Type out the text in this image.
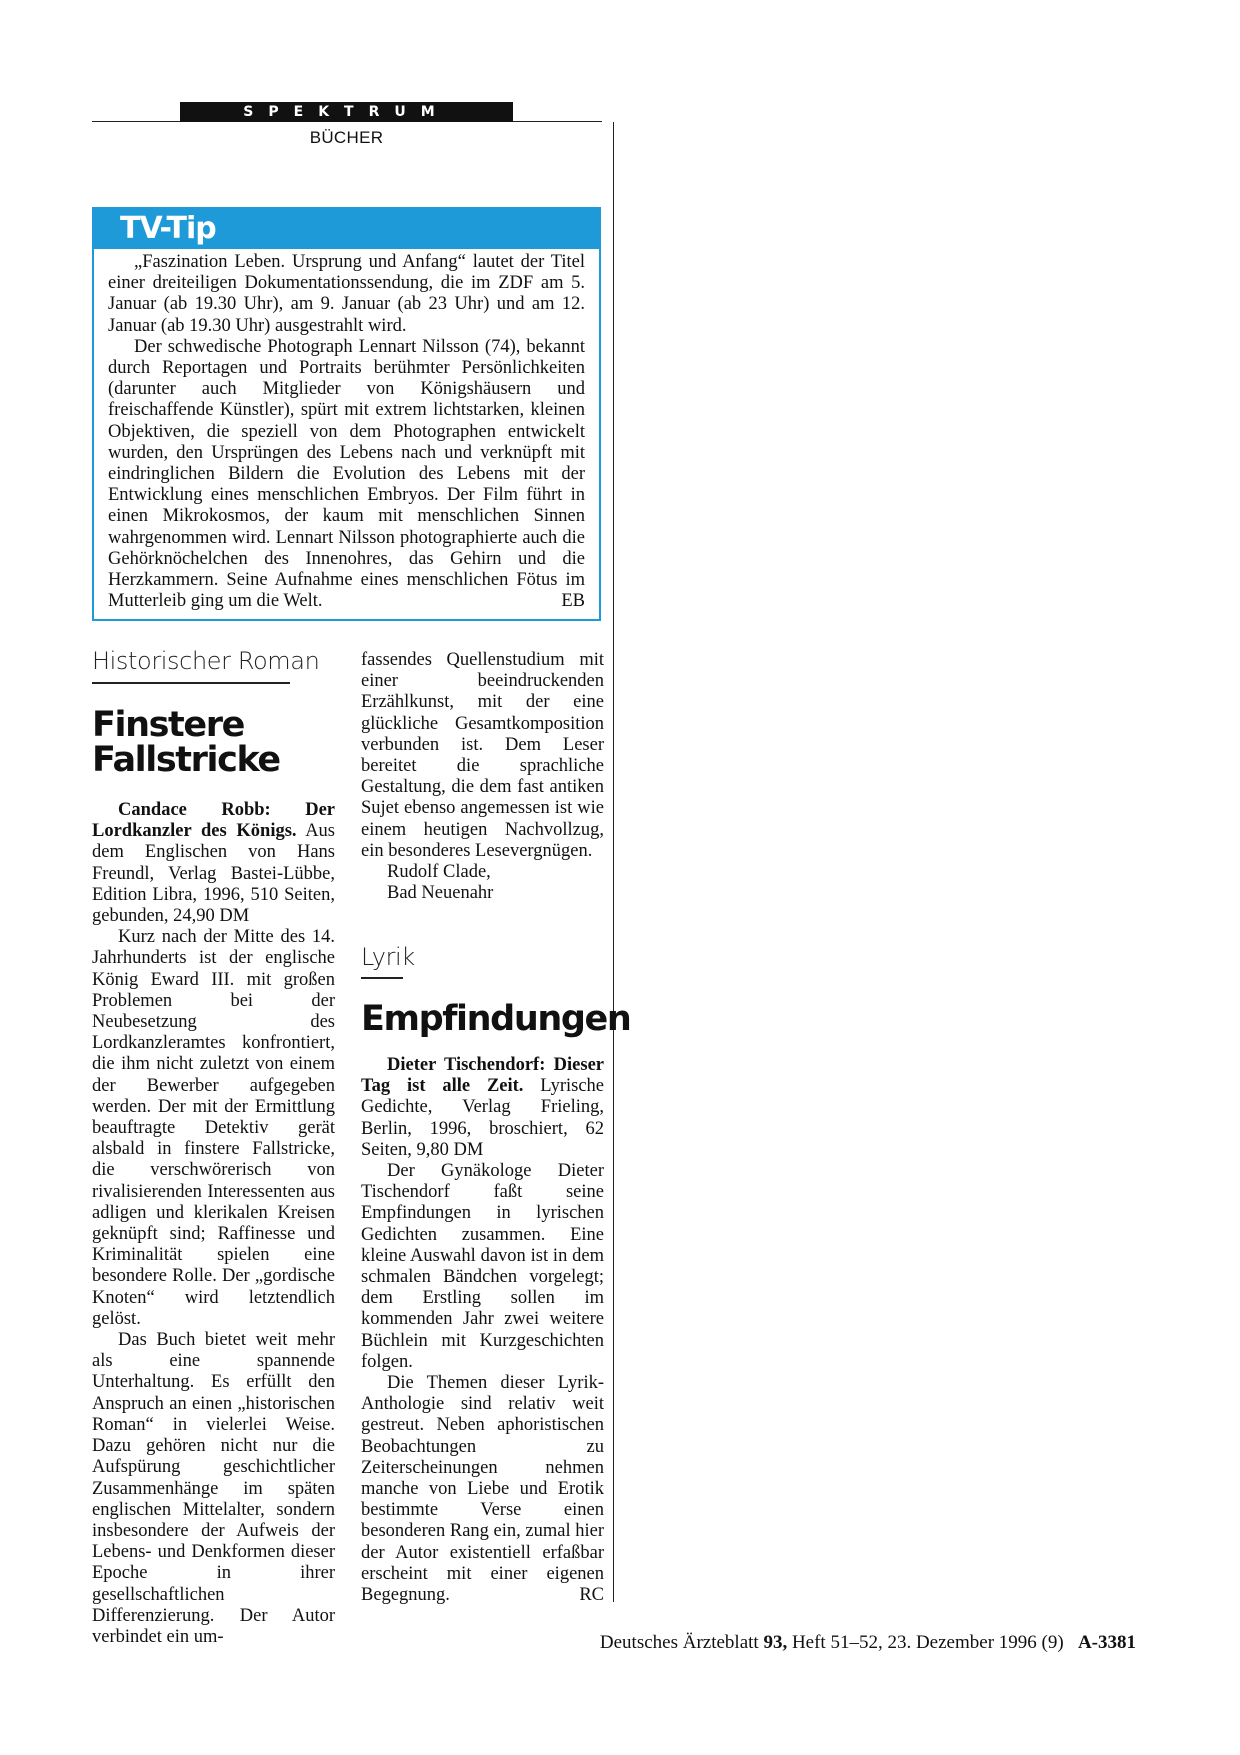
SPEKTRUM
BÜCHER
TV-Tip

„Faszination Leben. Ursprung und Anfang“ lautet der Titel einer dreiteiligen Dokumentationssendung, die im ZDF am 5. Januar (ab 19.30 Uhr), am 9. Januar (ab 23 Uhr) und am 12. Januar (ab 19.30 Uhr) ausgestrahlt wird.

Der schwedische Photograph Lennart Nilsson (74), bekannt durch Reportagen und Portraits berühmter Persönlichkeiten (darunter auch Mitglieder von Königshäusern und freischaffende Künstler), spürt mit extrem lichtstarken, kleinen Objektiven, die speziell von dem Photographen entwickelt wurden, den Ursprüngen des Lebens nach und verknüpft mit eindringlichen Bildern die Evolution des Lebens mit der Entwicklung eines menschlichen Embryos. Der Film führt in einen Mikrokosmos, der kaum mit menschlichen Sinnen wahrgenommen wird. Lennart Nilsson photographierte auch die Gehörknöchelchen des Innenohres, das Gehirn und die Herzkammern. Seine Aufnahme eines menschlichen Fötus im Mutterleib ging um die Welt.	EB
Historischer Roman
Finstere
Fallstricke

Candace Robb: Der Lordkanzler des Königs. Aus dem Englischen von Hans Freundl, Verlag Bastei-Lübbe, Edition Libra, 1996, 510 Seiten, gebunden, 24,90 DM

Kurz nach der Mitte des 14. Jahrhunderts ist der englische König Eward III. mit großen Problemen bei der Neubesetzung des Lordkanzleramtes konfrontiert, die ihm nicht zuletzt von einem der Bewerber aufgegeben werden. Der mit der Ermittlung beauftragte Detektiv gerät alsbald in finstere Fallstricke, die verschwörerisch von rivalisierenden Interessenten aus adligen und klerikalen Kreisen geknüpft sind; Raffinesse und Kriminalität spielen eine besondere Rolle. Der „gordische Knoten“ wird letztendlich gelöst.

Das Buch bietet weit mehr als eine spannende Unterhaltung. Es erfüllt den Anspruch an einen „historischen Roman“ in vielerlei Weise. Dazu gehören nicht nur die Aufspürung geschichtlicher Zusammenhänge im späten englischen Mittelalter, sondern insbesondere der Aufweis der Lebens- und Denkformen dieser Epoche in ihrer gesellschaftlichen Differenzierung. Der Autor verbindet ein um-

fassendes Quellenstudium mit einer beeindruckenden Erzählkunst, mit der eine glückliche Gesamtkomposition verbunden ist. Dem Leser bereitet die sprachliche Gestaltung, die dem fast antiken Sujet ebenso angemessen ist wie einem heutigen Nachvollzug, ein besonderes Lesevergnügen.

Rudolf Clade,

Bad Neuenahr

Lyrik
Empfindungen

Dieter Tischendorf: Dieser Tag ist alle Zeit. Lyrische Gedichte, Verlag Frieling, Berlin, 1996, broschiert, 62 Seiten, 9,80 DM

Der Gynäkologe Dieter Tischendorf faßt seine Empfindungen in lyrischen Gedichten zusammen. Eine kleine Auswahl davon ist in dem schmalen Bändchen vorgelegt; dem Erstling sollen im kommenden Jahr zwei weitere Büchlein mit Kurzgeschichten folgen.

Die Themen dieser Lyrik-Anthologie sind relativ weit gestreut. Neben aphoristischen Beobachtungen zu Zeiterscheinungen nehmen manche von Liebe und Erotik bestimmte Verse einen besonderen Rang ein, zumal hier der Autor existentiell erfaßbar erscheint mit einer eigenen Begegnung.	RC

Deutsches Ärzteblatt 93, Heft 51–52, 23. Dezember 1996 (9) A-3381
